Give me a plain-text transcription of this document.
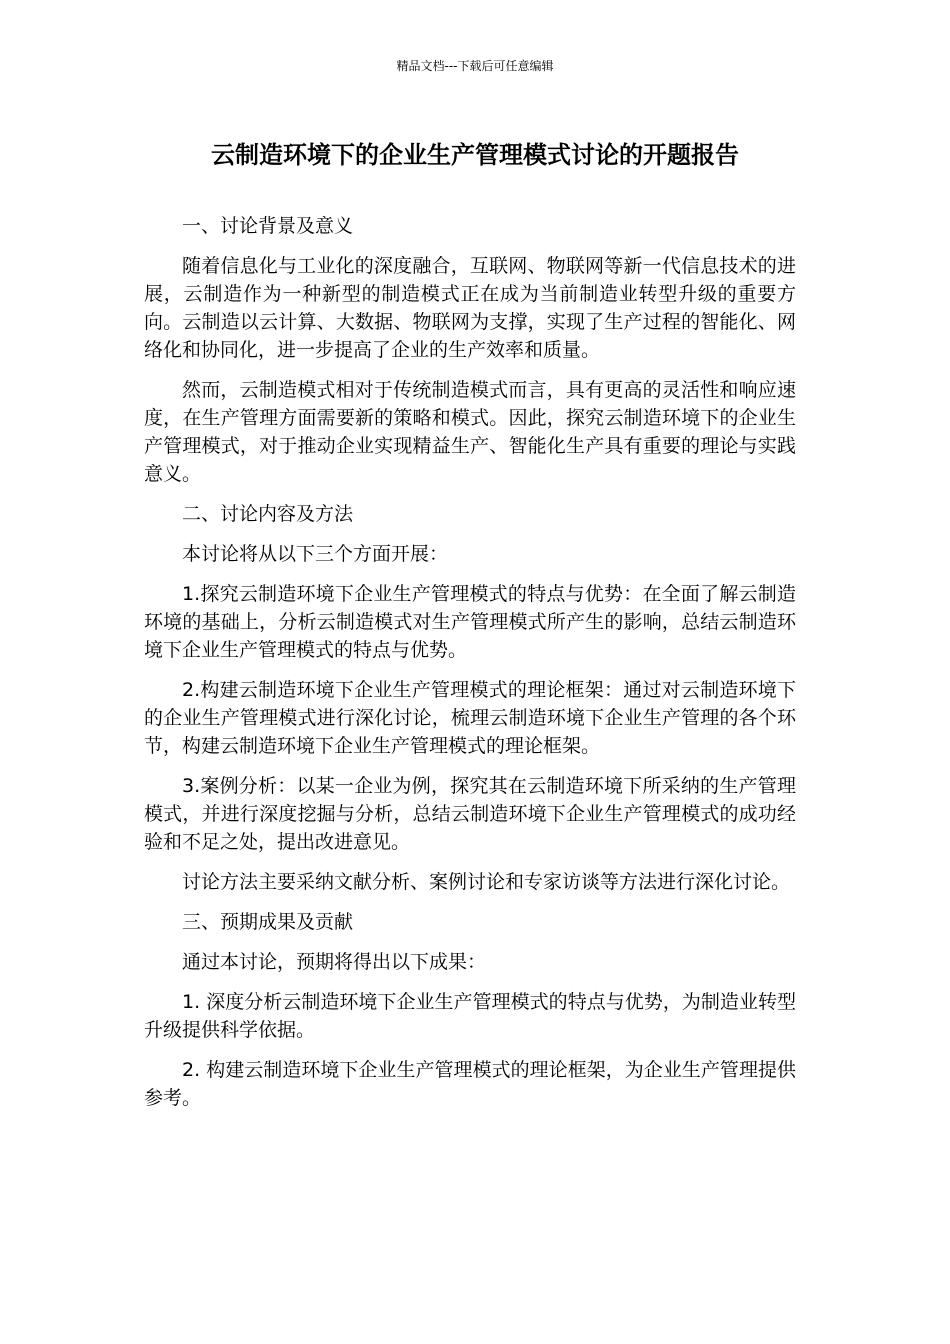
精品文档---下载后可任意编辑
云制造环境下的企业生产管理模式讨论的开题报告

一、讨论背景及意义

随着信息化与工业化的深度融合，互联网、物联网等新一代信息技术的进展，云制造作为一种新型的制造模式正在成为当前制造业转型升级的重要方向。云制造以云计算、大数据、物联网为支撑，实现了生产过程的智能化、网络化和协同化，进一步提高了企业的生产效率和质量。

然而，云制造模式相对于传统制造模式而言，具有更高的灵活性和响应速度，在生产管理方面需要新的策略和模式。因此，探究云制造环境下的企业生产管理模式，对于推动企业实现精益生产、智能化生产具有重要的理论与实践意义。

二、讨论内容及方法

本讨论将从以下三个方面开展：

1.探究云制造环境下企业生产管理模式的特点与优势：在全面了解云制造环境的基础上，分析云制造模式对生产管理模式所产生的影响，总结云制造环境下企业生产管理模式的特点与优势。

2.构建云制造环境下企业生产管理模式的理论框架：通过对云制造环境下的企业生产管理模式进行深化讨论，梳理云制造环境下企业生产管理的各个环节，构建云制造环境下企业生产管理模式的理论框架。

3.案例分析：以某一企业为例，探究其在云制造环境下所采纳的生产管理模式，并进行深度挖掘与分析，总结云制造环境下企业生产管理模式的成功经验和不足之处，提出改进意见。

讨论方法主要采纳文献分析、案例讨论和专家访谈等方法进行深化讨论。

三、预期成果及贡献

通过本讨论，预期将得出以下成果：

1. 深度分析云制造环境下企业生产管理模式的特点与优势，为制造业转型升级提供科学依据。

2. 构建云制造环境下企业生产管理模式的理论框架，为企业生产管理提供参考。
